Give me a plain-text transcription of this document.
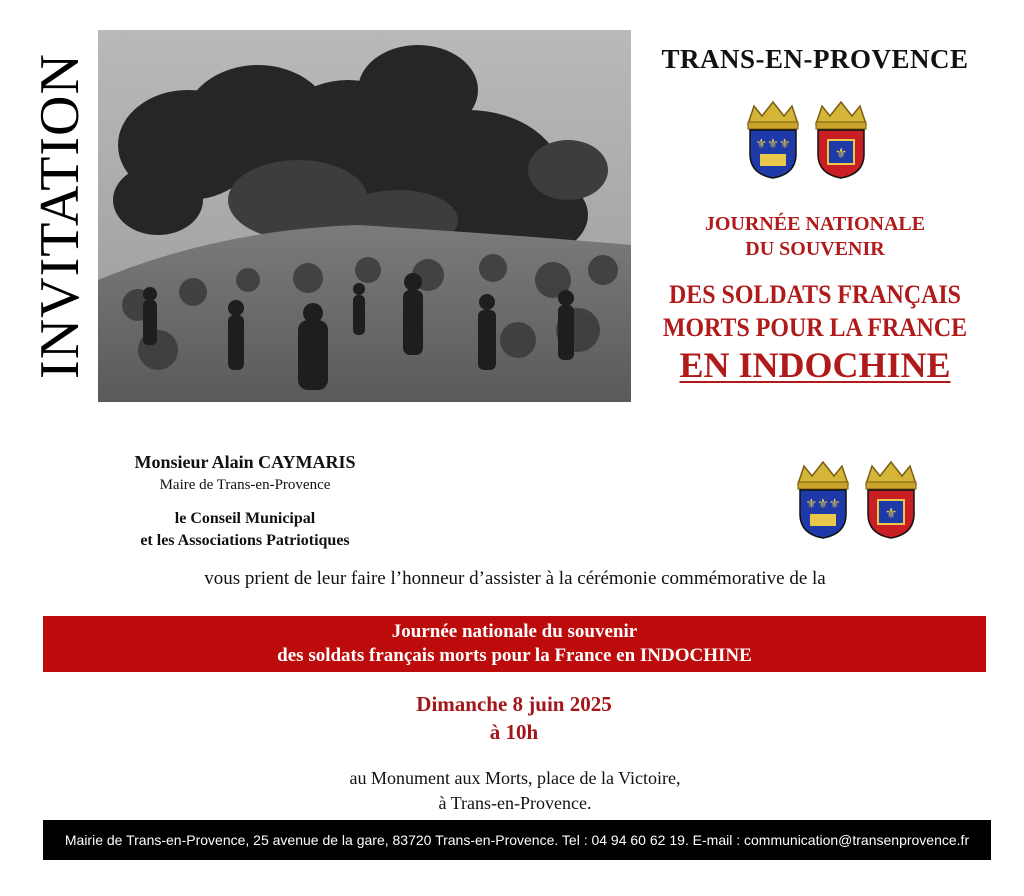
INVITATION	TRANS-EN-PROVENCE
⚜⚜⚜
⚜
JOURNÉE NATIONALE
DU SOUVENIR
DES SOLDATS FRANÇAIS
MORTS POUR LA FRANCE
EN INDOCHINE
Monsieur Alain CAYMARIS
Maire de Trans-en-Provence
le Conseil Municipal
et les Associations Patriotiques
⚜⚜⚜
⚜
vous prient de leur faire l’honneur d’assister à la cérémonie commémorative de la
Journée nationale du souvenir
des soldats français morts pour la France en INDOCHINE
Dimanche 8 juin 2025
à 10h
au Monument aux Morts, place de la Victoire,
à Trans-en-Provence.
Mairie de Trans-en-Provence, 25 avenue de la gare, 83720 Trans-en-Provence. Tel : 04 94 60 62 19. E-mail : communication@transenprovence.fr
